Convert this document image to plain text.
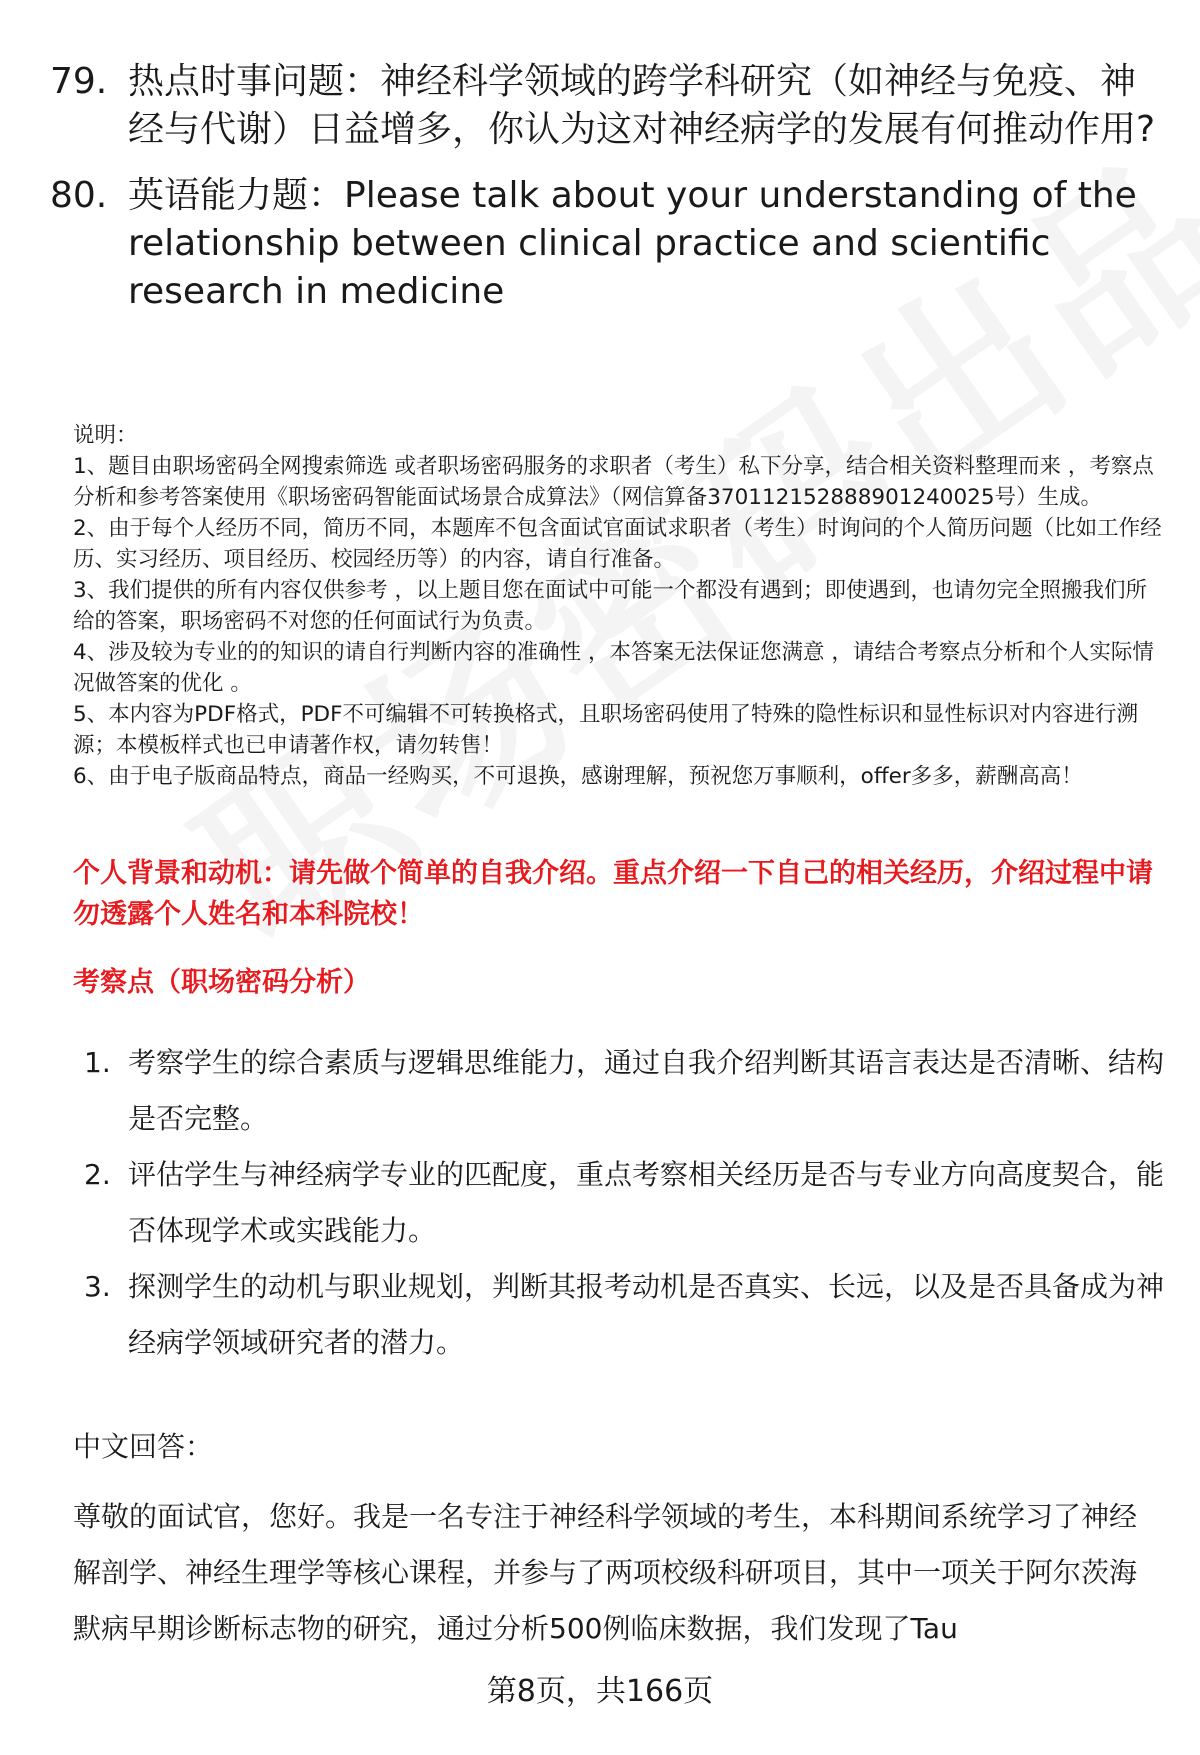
79. 热点时事问题：神经科学领域的跨学科研究（如神经与免疫、神经与代谢）日益增多，你认为这对神经病学的发展有何推动作用?
80. 英语能力题：Please talk about your understanding of the relationship between clinical practice and scientific research in medicine

说明：

1、题目由职场密码全网搜索筛选 或者职场密码服务的求职者（考生）私下分享，结合相关资料整理而来 ，考察点分析和参考答案使用《职场密码智能面试场景合成算法》（网信算备370112152888901240025号）生成。

2、由于每个人经历不同，简历不同，本题库不包含面试官面试求职者（考生）时询问的个人简历问题（比如工作经历、实习经历、项目经历、校园经历等）的内容，请自行准备。

3、我们提供的所有内容仅供参考 ，以上题目您在面试中可能一个都没有遇到；即使遇到，也请勿完全照搬我们所给的答案，职场密码不对您的任何面试行为负责。

4、涉及较为专业的的知识的请自行判断内容的准确性 ，本答案无法保证您满意 ，请结合考察点分析和个人实际情况做答案的优化 。

5、本内容为PDF格式，PDF不可编辑不可转换格式，且职场密码使用了特殊的隐性标识和显性标识对内容进行溯源；本模板样式也已申请著作权，请勿转售！

6、由于电子版商品特点，商品一经购买，不可退换，感谢理解，预祝您万事顺利，offer多多，薪酬高高！

个人背景和动机：请先做个简单的自我介绍。重点介绍一下自己的相关经历，介绍过程中请勿透露个人姓名和本科院校！
考察点（职场密码分析）
1. 考察学生的综合素质与逻辑思维能力，通过自我介绍判断其语言表达是否清晰、结构是否完整。
2. 评估学生与神经病学专业的匹配度，重点考察相关经历是否与专业方向高度契合，能否体现学术或实践能力。
3. 探测学生的动机与职业规划，判断其报考动机是否真实、长远，以及是否具备成为神经病学领域研究者的潜力。
中文回答：
尊敬的面试官，您好。我是一名专注于神经科学领域的考生，本科期间系统学习了神经解剖学、神经生理学等核心课程，并参与了两项校级科研项目，其中一项关于阿尔茨海默病早期诊断标志物的研究，通过分析500例临床数据，我们发现了Tau
第8页，共166页
